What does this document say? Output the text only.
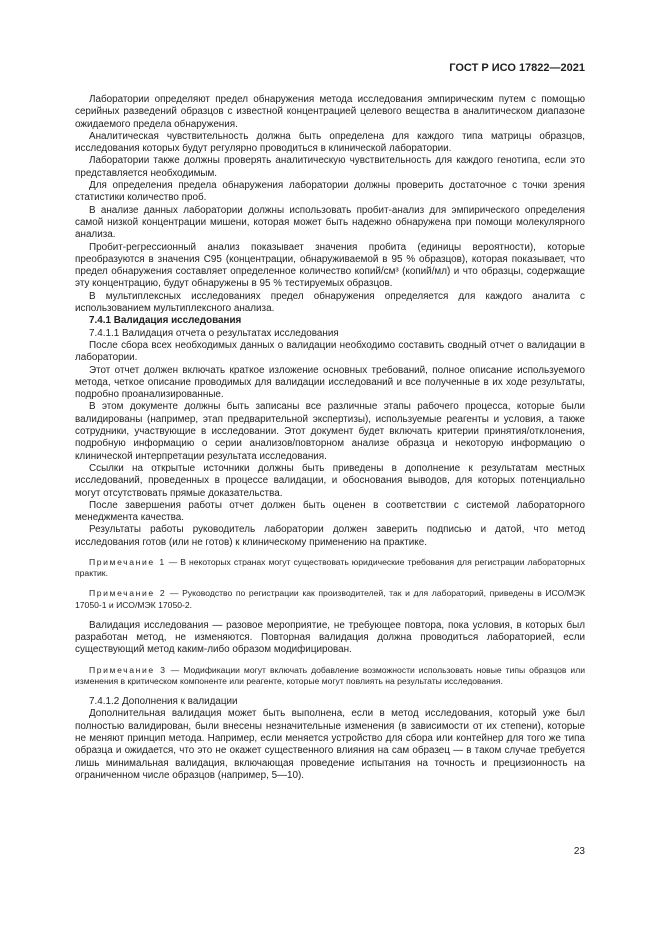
ГОСТ Р ИСО 17822—2021

Лаборатории определяют предел обнаружения метода исследования эмпирическим путем с помощью серийных разведений образцов с известной концентрацией целевого вещества в аналитическом диапазоне ожидаемого предела обнаружения.

Аналитическая чувствительность должна быть определена для каждого типа матрицы образцов, исследования которых будут регулярно проводиться в клинической лаборатории.

Лаборатории также должны проверять аналитическую чувствительность для каждого генотипа, если это представляется необходимым.

Для определения предела обнаружения лаборатории должны проверить достаточное с точки зрения статистики количество проб.

В анализе данных лаборатории должны использовать пробит-анализ для эмпирического определения самой низкой концентрации мишени, которая может быть надежно обнаружена при помощи молекулярного анализа.

Пробит-регрессионный анализ показывает значения пробита (единицы вероятности), которые преобразуются в значения C95 (концентрации, обнаруживаемой в 95 % образцов), которая показывает, что предел обнаружения составляет определенное количество копий/см³ (копий/мл) и что образцы, содержащие эту концентрацию, будут обнаружены в 95 % тестируемых образцов.

В мультиплексных исследованиях предел обнаружения определяется для каждого аналита с использованием мультиплексного анализа.

7.4.1 Валидация исследования

7.4.1.1 Валидация отчета о результатах исследования

После сбора всех необходимых данных о валидации необходимо составить сводный отчет о валидации в лаборатории.

Этот отчет должен включать краткое изложение основных требований, полное описание используемого метода, четкое описание проводимых для валидации исследований и все полученные в их ходе результаты, подробно проанализированные.

В этом документе должны быть записаны все различные этапы рабочего процесса, которые были валидированы (например, этап предварительной экспертизы), используемые реагенты и условия, а также сотрудники, участвующие в исследовании. Этот документ будет включать критерии принятия/отклонения, подробную информацию о серии анализов/повторном анализе образца и некоторую информацию о клинической интерпретации результата исследования.

Ссылки на открытые источники должны быть приведены в дополнение к результатам местных исследований, проведенных в процессе валидации, и обоснования выводов, для которых потенциально могут отсутствовать прямые доказательства.

После завершения работы отчет должен быть оценен в соответствии с системой лабораторного менеджмента качества.

Результаты работы руководитель лаборатории должен заверить подписью и датой, что метод исследования готов (или не готов) к клиническому применению на практике.

Примечание 1 — В некоторых странах могут существовать юридические требования для регистрации лабораторных практик.

Примечание 2 — Руководство по регистрации как производителей, так и для лабораторий, приведены в ИСО/МЭК 17050-1 и ИСО/МЭК 17050-2.

Валидация исследования — разовое мероприятие, не требующее повтора, пока условия, в которых был разработан метод, не изменяются. Повторная валидация должна проводиться лабораторией, если существующий метод каким-либо образом модифицирован.

Примечание 3 — Модификации могут включать добавление возможности использовать новые типы образцов или изменения в критическом компоненте или реагенте, которые могут повлиять на результаты исследования.

7.4.1.2 Дополнения к валидации

Дополнительная валидация может быть выполнена, если в метод исследования, который уже был полностью валидирован, были внесены незначительные изменения (в зависимости от их степени), которые не меняют принцип метода. Например, если меняется устройство для сбора или контейнер для того же типа образца и ожидается, что это не окажет существенного влияния на сам образец — в таком случае требуется лишь минимальная валидация, включающая проведение испытания на точность и прецизионность на ограниченном числе образцов (например, 5—10).

23
